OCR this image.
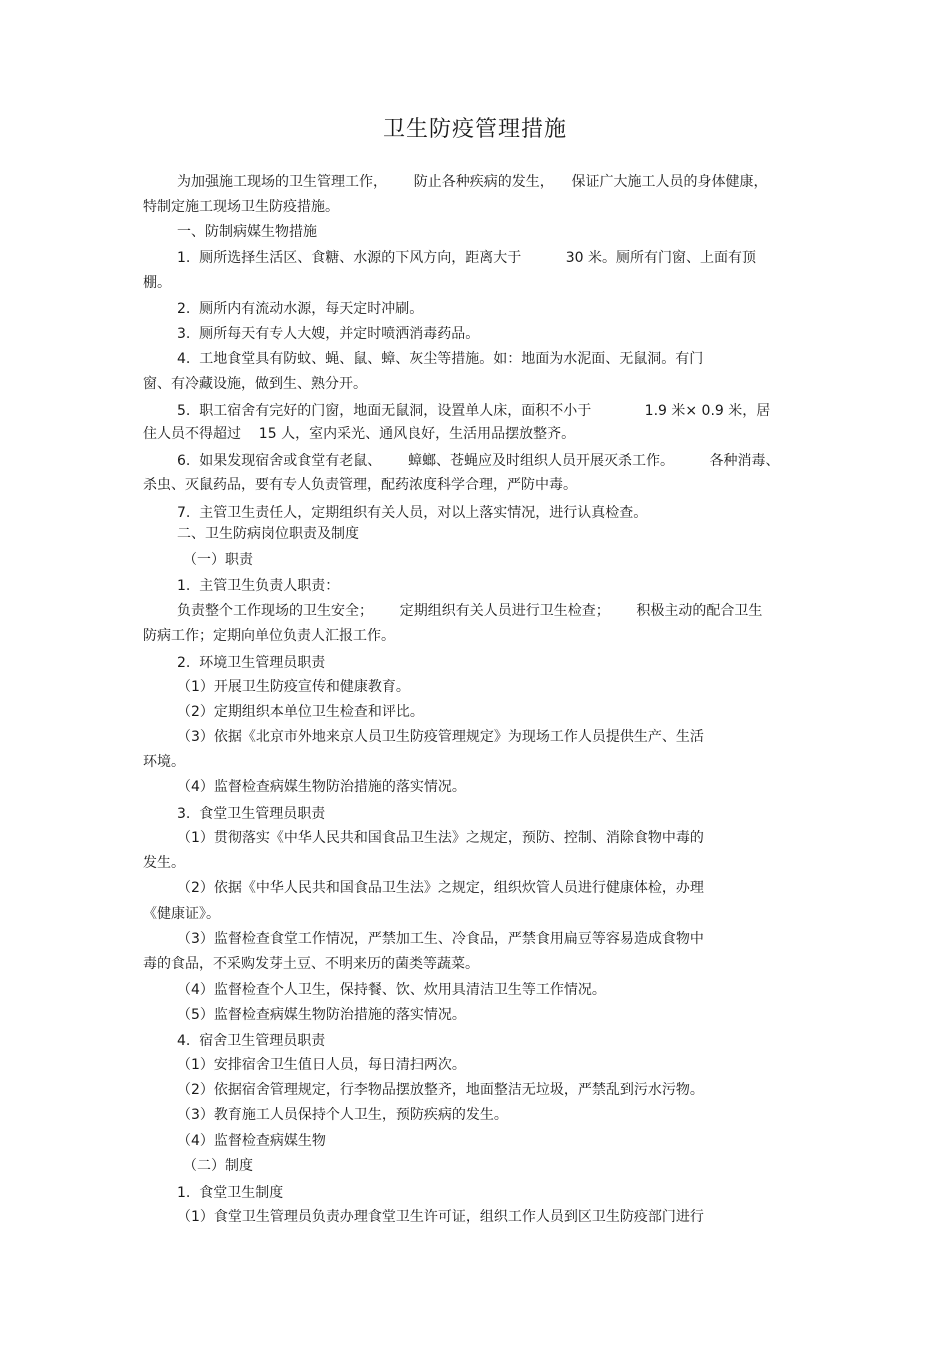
卫生防疫管理措施

为加强施工现场的卫生管理工作，      防止各种疾病的发生，    保证广大施工人员的身体健康，

特制定施工现场卫生防疫措施。

一、防制病媒生物措施

1.  厕所选择生活区、食糖、水源的下风方向，距离大于          30 米。厕所有门窗、上面有顶

棚。

2.  厕所内有流动水源，每天定时冲刷。

3.  厕所每天有专人大嫂，并定时喷洒消毒药品。

4.  工地食堂具有防蚊、蝇、鼠、蟑、灰尘等措施。如：地面为水泥面、无鼠洞。有门

窗、有冷藏设施，做到生、熟分开。

5.  职工宿舍有完好的门窗，地面无鼠洞，设置单人床，面积不小于            1.9 米× 0.9 米，居

住人员不得超过    15 人，室内采光、通风良好，生活用品摆放整齐。

6.  如果发现宿舍或食堂有老鼠、      蟑螂、苍蝇应及时组织人员开展灭杀工作。        各种消毒、

杀虫、灭鼠药品，要有专人负责管理，配药浓度科学合理，严防中毒。

7.  主管卫生责任人，定期组织有关人员，对以上落实情况，进行认真检查。

二、卫生防病岗位职责及制度

（一）职责

1.  主管卫生负责人职责：

负责整个工作现场的卫生安全；      定期组织有关人员进行卫生检查；      积极主动的配合卫生

防病工作；定期向单位负责人汇报工作。

2.  环境卫生管理员职责

（1）开展卫生防疫宣传和健康教育。

（2）定期组织本单位卫生检查和评比。

（3）依据《北京市外地来京人员卫生防疫管理规定》为现场工作人员提供生产、生活

环境。

（4）监督检查病媒生物防治措施的落实情况。

3.  食堂卫生管理员职责

（1）贯彻落实《中华人民共和国食品卫生法》之规定，预防、控制、消除食物中毒的

发生。

（2）依据《中华人民共和国食品卫生法》之规定，组织炊管人员进行健康体检，办理

《健康证》。

（3）监督检查食堂工作情况，严禁加工生、冷食品，严禁食用扁豆等容易造成食物中

毒的食品，不采购发芽土豆、不明来历的菌类等蔬菜。

（4）监督检查个人卫生，保持餐、饮、炊用具清洁卫生等工作情况。

（5）监督检查病媒生物防治措施的落实情况。

4.  宿舍卫生管理员职责

（1）安排宿舍卫生值日人员，每日清扫两次。

（2）依据宿舍管理规定，行李物品摆放整齐，地面整洁无垃圾，严禁乱到污水污物。

（3）教育施工人员保持个人卫生，预防疾病的发生。

（4）监督检查病媒生物

（二）制度

1.  食堂卫生制度

（1）食堂卫生管理员负责办理食堂卫生许可证，组织工作人员到区卫生防疫部门进行
